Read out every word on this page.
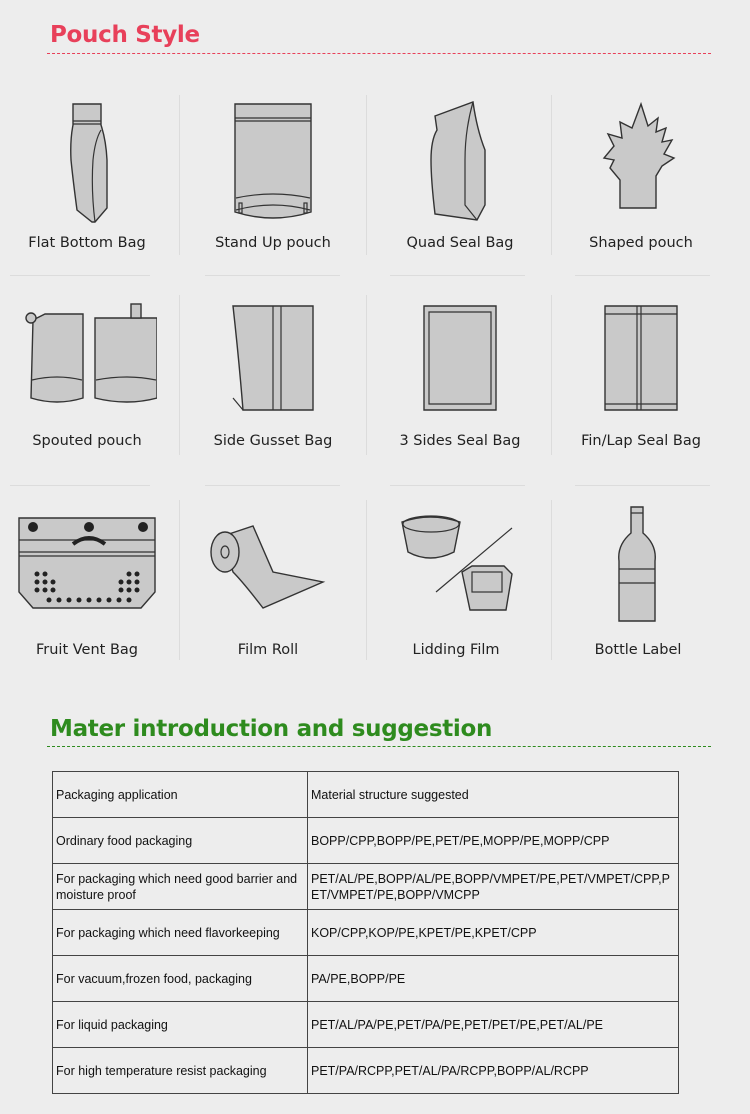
Pouch Style
Flat Bottom Bag	Stand Up pouch	Quad Seal Bag	Shaped pouch
Spouted pouch	Side Gusset Bag	3 Sides Seal Bag	Fin/Lap Seal Bag
Fruit Vent Bag	Film Roll	Lidding Film	Bottle Label
Mater introduction and suggestion
Packaging application	Material structure suggested
Ordinary food packaging	BOPP/CPP,BOPP/PE,PET/PE,MOPP/PE,MOPP/CPP
For packaging which need good barrier and moisture proof	PET/AL/PE,BOPP/AL/PE,BOPP/VMPET/PE,PET/VMPET/CPP,PET/VMPET/PE,BOPP/VMCPP
For packaging which need flavorkeeping	KOP/CPP,KOP/PE,KPET/PE,KPET/CPP
For vacuum,frozen food, packaging	PA/PE,BOPP/PE
For liquid packaging	PET/AL/PA/PE,PET/PA/PE,PET/PET/PE,PET/AL/PE
For high temperature resist packaging	PET/PA/RCPP,PET/AL/PA/RCPP,BOPP/AL/RCPP
